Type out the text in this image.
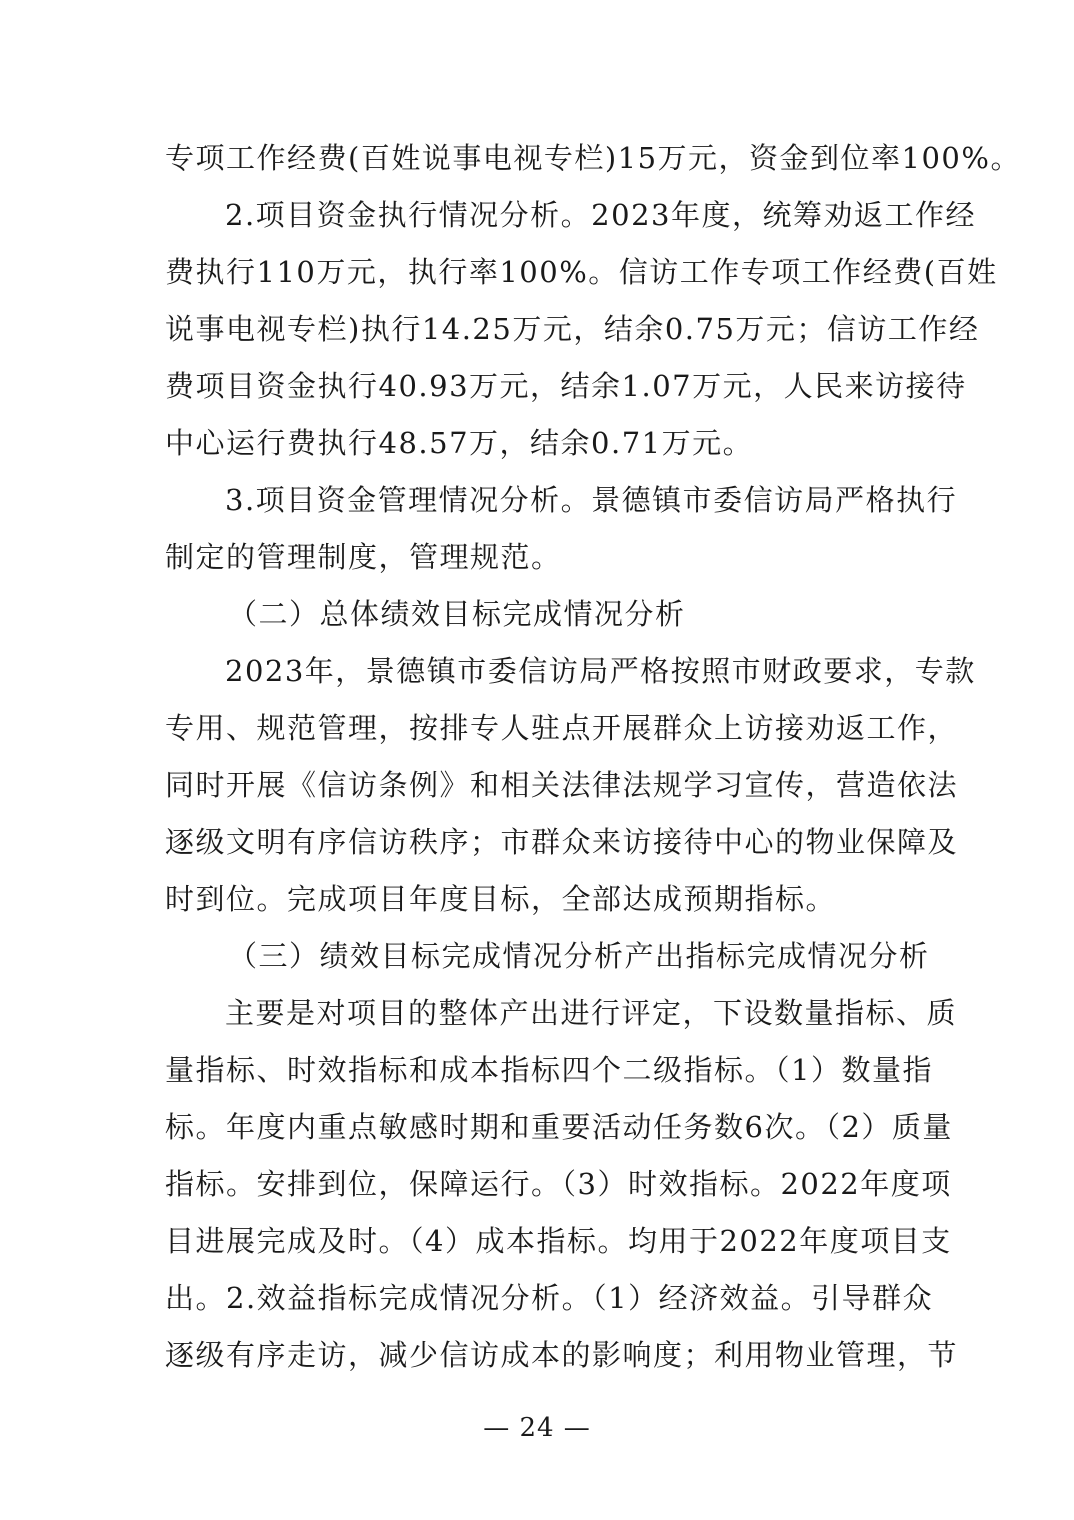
专项工作经费(百姓说事电视专栏)15万元，资金到位率100%。
2.项目资金执行情况分析。2023年度，统筹劝返工作经
费执行110万元，执行率100%。信访工作专项工作经费(百姓
说事电视专栏)执行14.25万元，结余0.75万元；信访工作经
费项目资金执行40.93万元，结余1.07万元，人民来访接待
中心运行费执行48.57万，结余0.71万元。
3.项目资金管理情况分析。景德镇市委信访局严格执行
制定的管理制度，管理规范。
（二）总体绩效目标完成情况分析
2023年，景德镇市委信访局严格按照市财政要求，专款
专用、规范管理，按排专人驻点开展群众上访接劝返工作，
同时开展《信访条例》和相关法律法规学习宣传，营造依法
逐级文明有序信访秩序；市群众来访接待中心的物业保障及
时到位。完成项目年度目标，全部达成预期指标。
（三）绩效目标完成情况分析产出指标完成情况分析
主要是对项目的整体产出进行评定，下设数量指标、质
量指标、时效指标和成本指标四个二级指标。（1）数量指
标。年度内重点敏感时期和重要活动任务数6次。（2）质量
指标。安排到位，保障运行。（3）时效指标。2022年度项
目进展完成及时。（4）成本指标。均用于2022年度项目支
出。2.效益指标完成情况分析。（1）经济效益。引导群众
逐级有序走访，减少信访成本的影响度；利用物业管理，节
— 24 —
